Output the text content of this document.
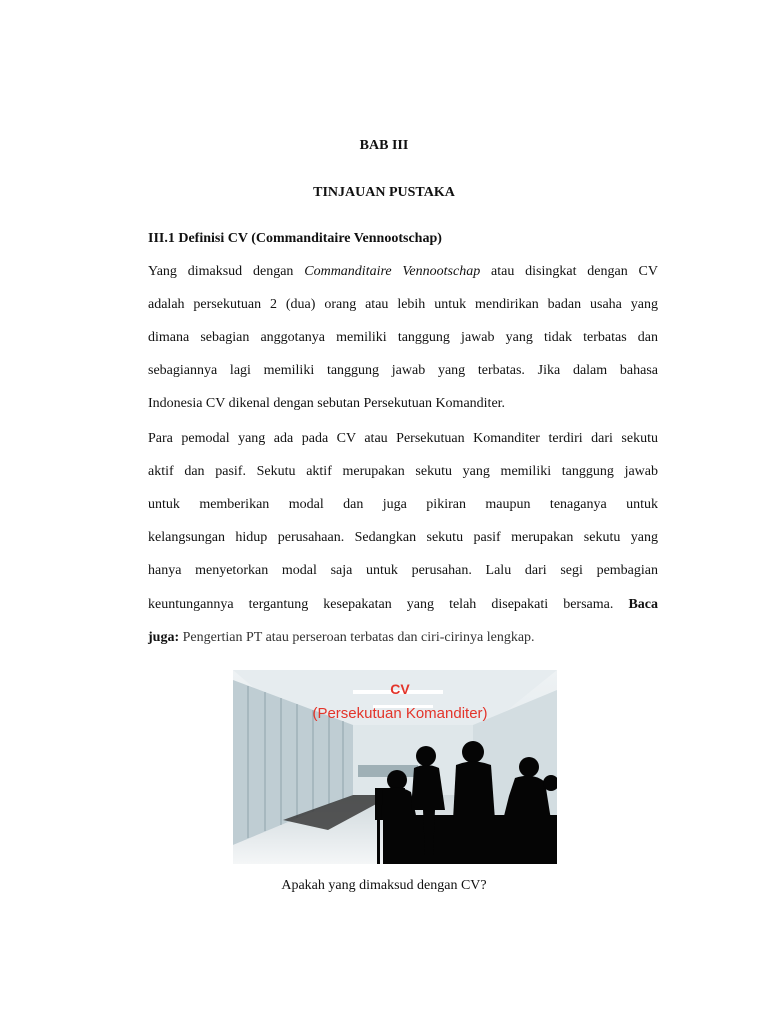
BAB III
TINJAUAN PUSTAKA
III.1 Definisi CV (Commanditaire Vennootschap)
Yang dimaksud dengan Commanditaire Vennootschap atau disingkat dengan CV
adalah persekutuan 2 (dua) orang atau lebih untuk mendirikan badan usaha yang
dimana sebagian anggotanya memiliki tanggung jawab yang tidak terbatas dan
sebagiannya lagi memiliki tanggung jawab yang terbatas. Jika dalam bahasa
Indonesia CV dikenal dengan sebutan Persekutuan Komanditer.
Para pemodal yang ada pada CV atau Persekutuan Komanditer terdiri dari sekutu
aktif dan pasif. Sekutu aktif merupakan sekutu yang memiliki tanggung jawab
untuk memberikan modal dan juga pikiran maupun tenaganya untuk
kelangsungan hidup perusahaan. Sedangkan sekutu pasif merupakan sekutu yang
hanya menyetorkan modal saja untuk perusahan. Lalu dari segi pembagian
keuntungannya tergantung kesepakatan yang telah disepakati bersama. Baca
juga: Pengertian PT atau perseroan terbatas dan ciri-cirinya lengkap.
CV
(Persekutuan Komanditer)
Apakah yang dimaksud dengan CV?
